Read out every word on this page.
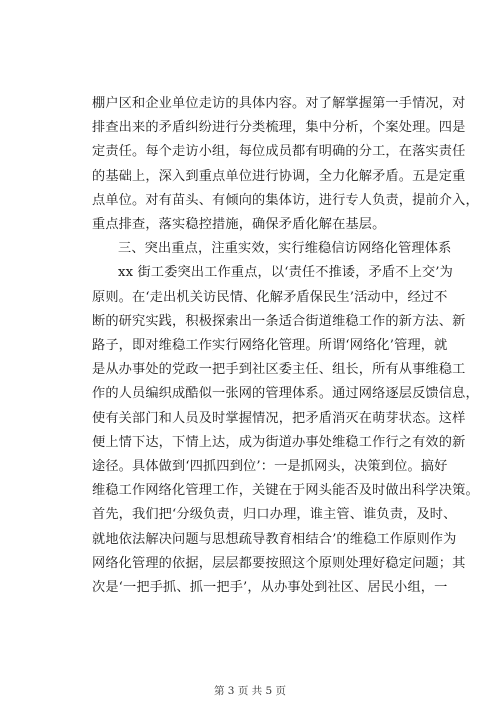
棚户区和企业单位走访的具体内容。对了解掌握第一手情况，对
排查出来的矛盾纠纷进行分类梳理，集中分析，个案处理。四是
定责任。每个走访小组，每位成员都有明确的分工，在落实责任
的基础上，深入到重点单位进行协调，全力化解矛盾。五是定重
点单位。对有苗头、有倾向的集体访，进行专人负责，提前介入，
重点排查，落实稳控措施，确保矛盾化解在基层。
三、突出重点，注重实效，实行维稳信访网络化管理体系
xx 街工委突出工作重点，以‘责任不推诿，矛盾不上交’为
原则。在‘走出机关访民情、化解矛盾保民生’活动中，经过不
断的研究实践，积极探索出一条适合街道维稳工作的新方法、新
路子，即对维稳工作实行网络化管理。所谓‘网络化’管理，就
是从办事处的党政一把手到社区委主任、组长，所有从事维稳工
作的人员编织成酷似一张网的管理体系。通过网络逐层反馈信息，
使有关部门和人员及时掌握情况，把矛盾消灭在萌芽状态。这样
便上情下达，下情上达，成为街道办事处维稳工作行之有效的新
途径。具体做到‘四抓四到位’：一是抓网头，决策到位。搞好
维稳工作网络化管理工作，关键在于网头能否及时做出科学决策。
首先，我们把‘分级负责，归口办理，谁主管、谁负责，及时、
就地依法解决问题与思想疏导教育相结合’的维稳工作原则作为
网络化管理的依据，层层都要按照这个原则处理好稳定问题；其
次是‘一把手抓、抓一把手’，从办事处到社区、居民小组，一
第 3 页 共 5 页
